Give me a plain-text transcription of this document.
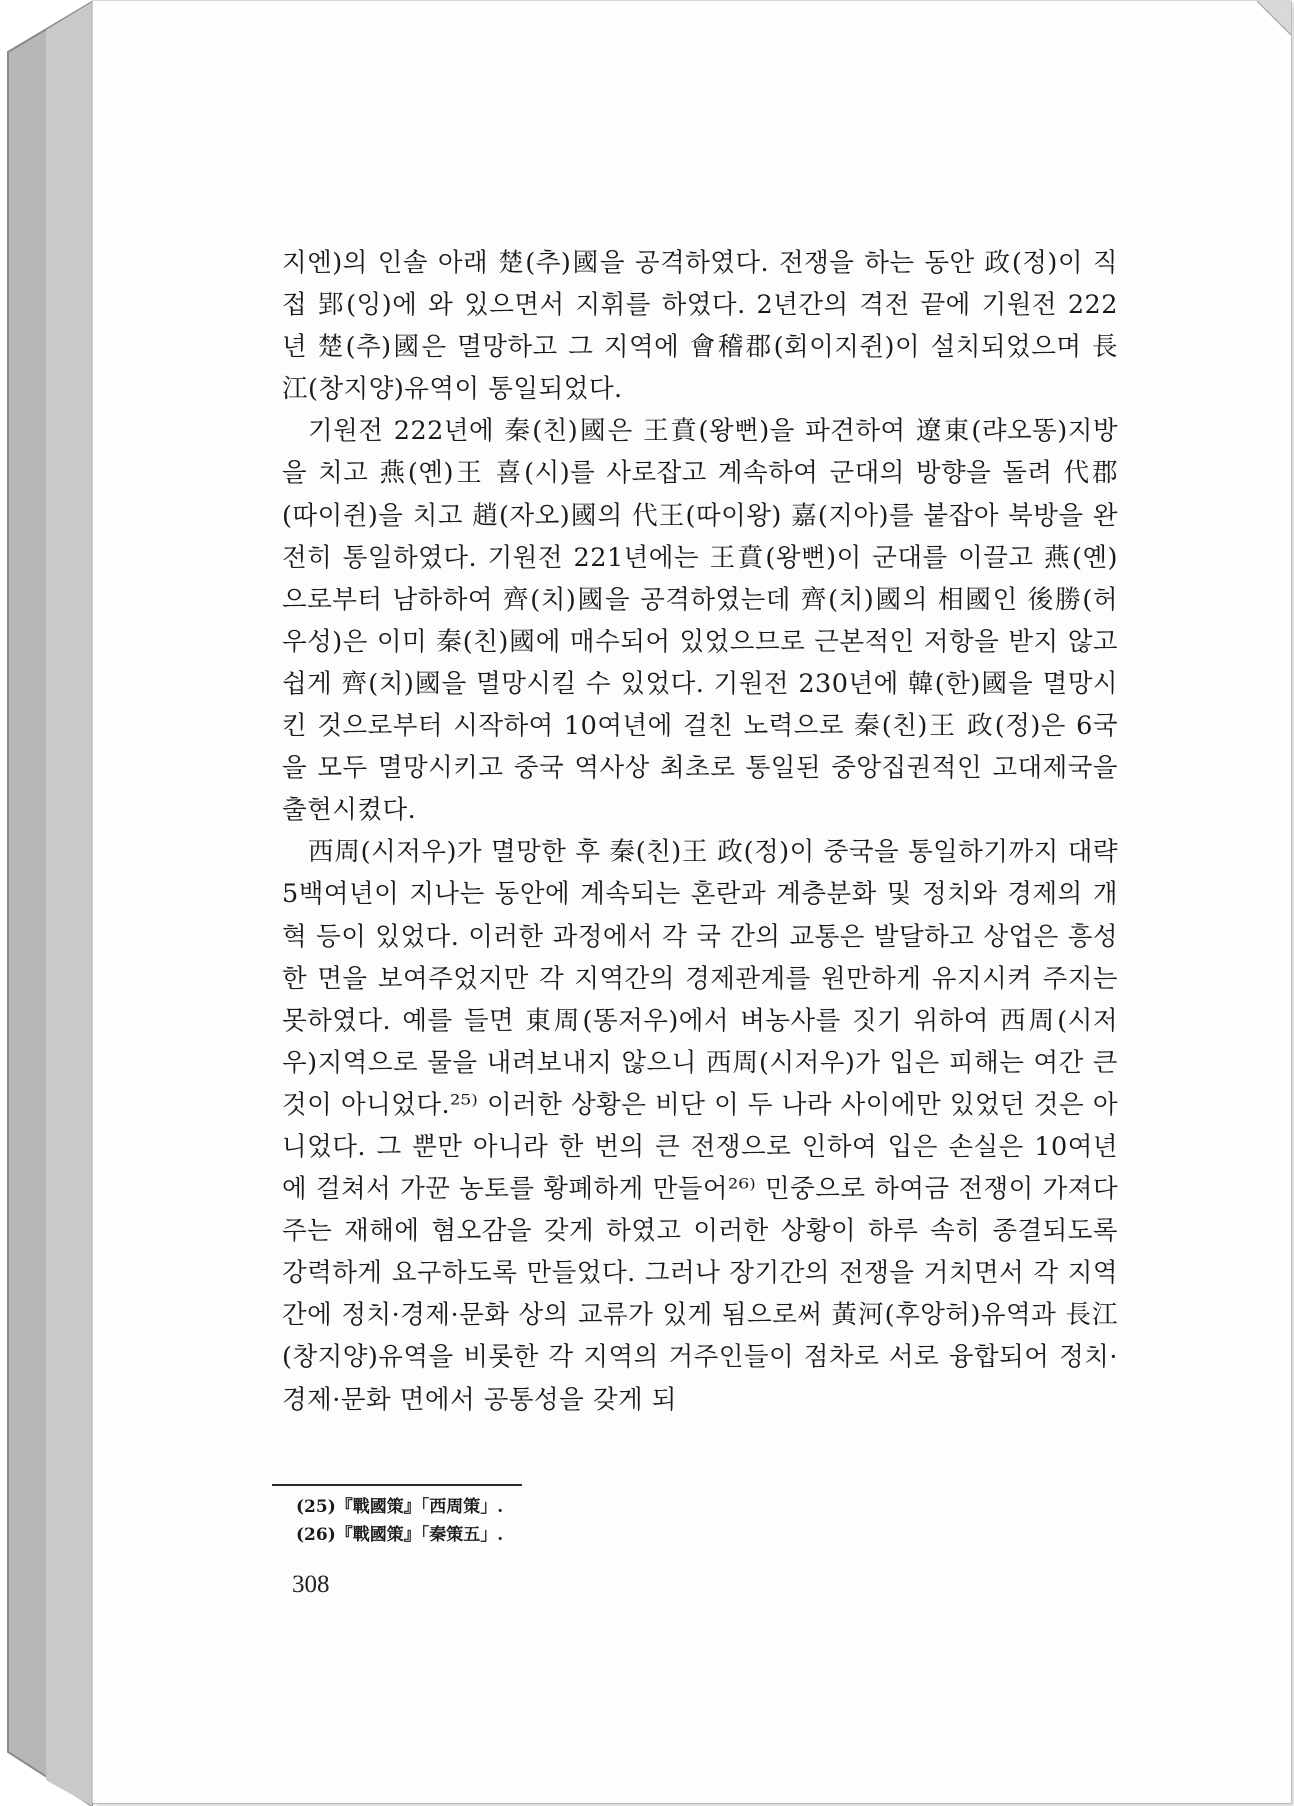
지엔)의 인솔 아래 楚(추)國을 공격하였다. 전쟁을 하는 동안 政(정)이 직접 郢(잉)에 와 있으면서 지휘를 하였다. 2년간의 격전 끝에 기원전 222년 楚(추)國은 멸망하고 그 지역에 會稽郡(회이지쥔)이 설치되었으며 長江(창지양)유역이 통일되었다.

기원전 222년에 秦(친)國은 王賁(왕뻔)을 파견하여 遼東(랴오똥)지방을 치고 燕(옌)王 喜(시)를 사로잡고 계속하여 군대의 방향을 돌려 代郡(따이쥔)을 치고 趙(자오)國의 代王(따이왕) 嘉(지아)를 붙잡아 북방을 완전히 통일하였다. 기원전 221년에는 王賁(왕뻔)이 군대를 이끌고 燕(옌)으로부터 남하하여 齊(치)國을 공격하였는데 齊(치)國의 相國인 後勝(허우성)은 이미 秦(친)國에 매수되어 있었으므로 근본적인 저항을 받지 않고 쉽게 齊(치)國을 멸망시킬 수 있었다. 기원전 230년에 韓(한)國을 멸망시킨 것으로부터 시작하여 10여년에 걸친 노력으로 秦(친)王 政(정)은 6국을 모두 멸망시키고 중국 역사상 최초로 통일된 중앙집권적인 고대제국을 출현시켰다.

西周(시저우)가 멸망한 후 秦(친)王 政(정)이 중국을 통일하기까지 대략 5백여년이 지나는 동안에 계속되는 혼란과 계층분화 및 정치와 경제의 개혁 등이 있었다. 이러한 과정에서 각 국 간의 교통은 발달하고 상업은 흥성한 면을 보여주었지만 각 지역간의 경제관계를 원만하게 유지시켜 주지는 못하였다. 예를 들면 東周(똥저우)에서 벼농사를 짓기 위하여 西周(시저우)지역으로 물을 내려보내지 않으니 西周(시저우)가 입은 피해는 여간 큰 것이 아니었다.²⁵⁾ 이러한 상황은 비단 이 두 나라 사이에만 있었던 것은 아니었다. 그 뿐만 아니라 한 번의 큰 전쟁으로 인하여 입은 손실은 10여년에 걸쳐서 가꾼 농토를 황폐하게 만들어²⁶⁾ 민중으로 하여금 전쟁이 가져다 주는 재해에 혐오감을 갖게 하였고 이러한 상황이 하루 속히 종결되도록 강력하게 요구하도록 만들었다. 그러나 장기간의 전쟁을 거치면서 각 지역 간에 정치·경제·문화 상의 교류가 있게 됨으로써 黃河(후앙허)유역과 長江(창지양)유역을 비롯한 각 지역의 거주인들이 점차로 서로 융합되어 정치·경제·문화 면에서 공통성을 갖게 되

(25)『戰國策』「西周策」.
(26)『戰國策』「秦策五」.
308
